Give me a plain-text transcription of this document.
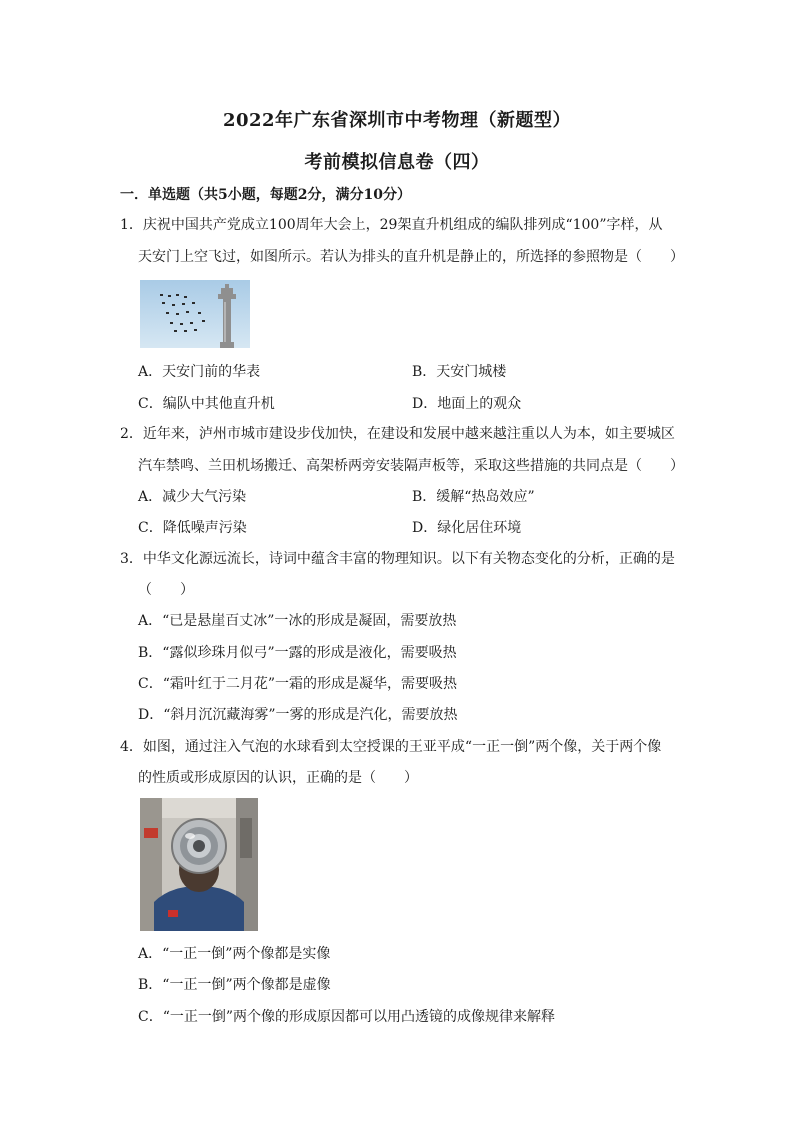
2022年广东省深圳市中考物理（新题型）
考前模拟信息卷（四）
一．单选题（共5小题，每题2分，满分10分）
1．庆祝中国共产党成立100周年大会上，29架直升机组成的编队排列成“100”字样，从
天安门上空飞过，如图所示。若认为排头的直升机是静止的，所选择的参照物是（　　）
A．天安门前的华表	B．天安门城楼
C．编队中其他直升机	D．地面上的观众
2．近年来，泸州市城市建设步伐加快，在建设和发展中越来越注重以人为本，如主要城区
汽车禁鸣、兰田机场搬迁、高架桥两旁安装隔声板等，采取这些措施的共同点是（　　）
A．减少大气污染	B．缓解“热岛效应”
C．降低噪声污染	D．绿化居住环境
3．中华文化源远流长，诗词中蕴含丰富的物理知识。以下有关物态变化的分析，正确的是
（　　）
A．“已是悬崖百丈冰”一冰的形成是凝固，需要放热
B．“露似珍珠月似弓”一露的形成是液化，需要吸热
C．“霜叶红于二月花”一霜的形成是凝华，需要吸热
D．“斜月沉沉藏海雾”一雾的形成是汽化，需要放热
4．如图，通过注入气泡的水球看到太空授课的王亚平成“一正一倒”两个像，关于两个像
的性质或形成原因的认识，正确的是（　　）
A．“一正一倒”两个像都是实像
B．“一正一倒”两个像都是虚像
C．“一正一倒”两个像的形成原因都可以用凸透镜的成像规律来解释
